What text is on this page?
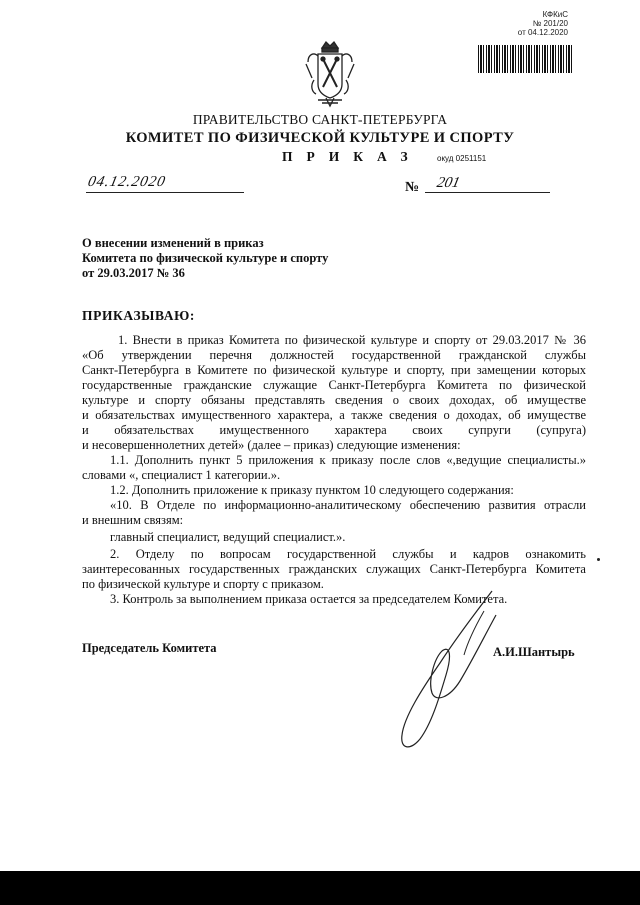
КФКиС
№ 201/20
от 04.12.2020
ПРАВИТЕЛЬСТВО САНКТ-ПЕТЕРБУРГА
КОМИТЕТ ПО ФИЗИЧЕСКОЙ КУЛЬТУРЕ И СПОРТУ
ПРИКАЗ окуд 0251151
04.12.2020	№ 201
О внесении изменений в приказ
Комитета по физической культуре и спорту
от 29.03.2017 № 36
ПРИКАЗЫВАЮ:
1. Внести в приказ Комитета по физической культуре и спорту от 29.03.2017 № 36
«Об утверждении перечня должностей государственной гражданской службы
Санкт-Петербурга в Комитете по физической культуре и спорту, при замещении которых
государственные гражданские служащие Санкт-Петербурга Комитета по физической
культуре и спорту обязаны представлять сведения о своих доходах, об имуществе
и обязательствах имущественного характера, а также сведения о доходах, об имуществе
и обязательствах имущественного характера своих супруги (супруга)
и несовершеннолетних детей» (далее – приказ) следующие изменения:
1.1. Дополнить пункт 5 приложения к приказу после слов «,ведущие специалисты.»
словами «, специалист 1 категории.».
1.2. Дополнить приложение к приказу пунктом 10 следующего содержания:
«10. В Отделе по информационно-аналитическому обеспечению развития отрасли
и внешним связям:
главный специалист, ведущий специалист.».
2. Отделу по вопросам государственной службы и кадров ознакомить
заинтересованных государственных гражданских служащих Санкт-Петербурга Комитета
по физической культуре и спорту с приказом.
3. Контроль за выполнением приказа остается за председателем Комитета.
Председатель Комитета	А.И.Шантырь
